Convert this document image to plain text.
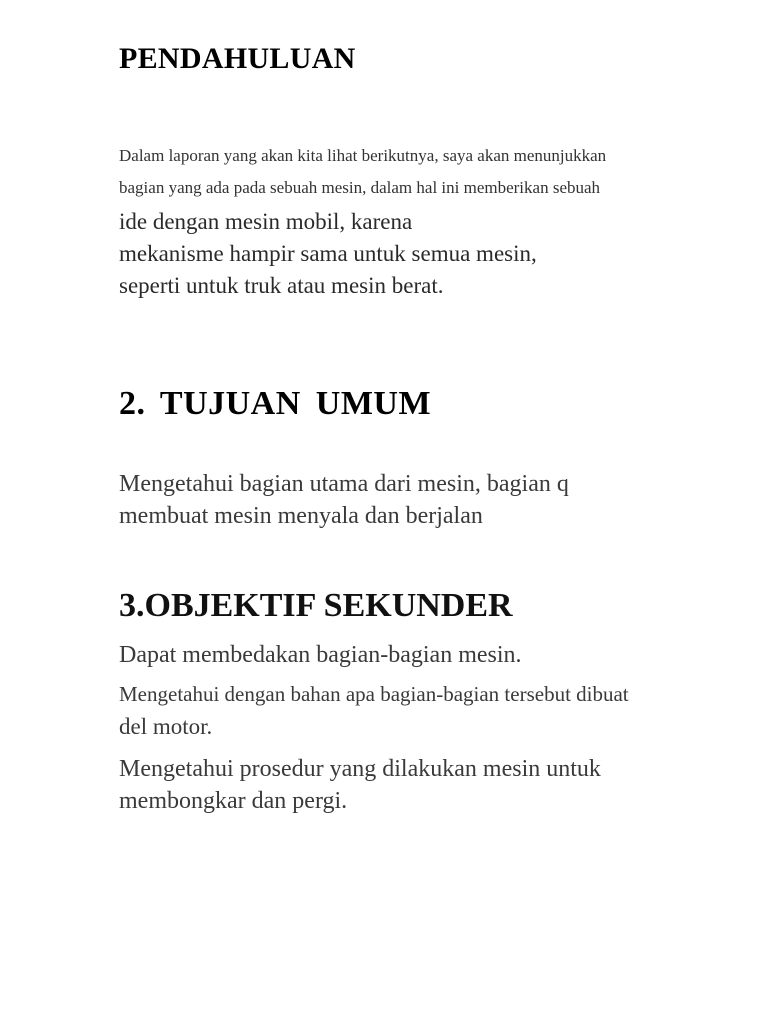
PENDAHULUAN

Dalam laporan yang akan kita lihat berikutnya, saya akan menunjukkan

bagian yang ada pada sebuah mesin, dalam hal ini memberikan sebuah

ide dengan mesin mobil, karena

mekanisme hampir sama untuk semua mesin,

seperti untuk truk atau mesin berat.

2. TUJUAN UMUM

Mengetahui bagian utama dari mesin, bagian q

membuat mesin menyala dan berjalan

3.OBJEKTIF SEKUNDER

Dapat membedakan bagian-bagian mesin.

Mengetahui dengan bahan apa bagian-bagian tersebut dibuat

del motor.

Mengetahui prosedur yang dilakukan mesin untuk

membongkar dan pergi.
